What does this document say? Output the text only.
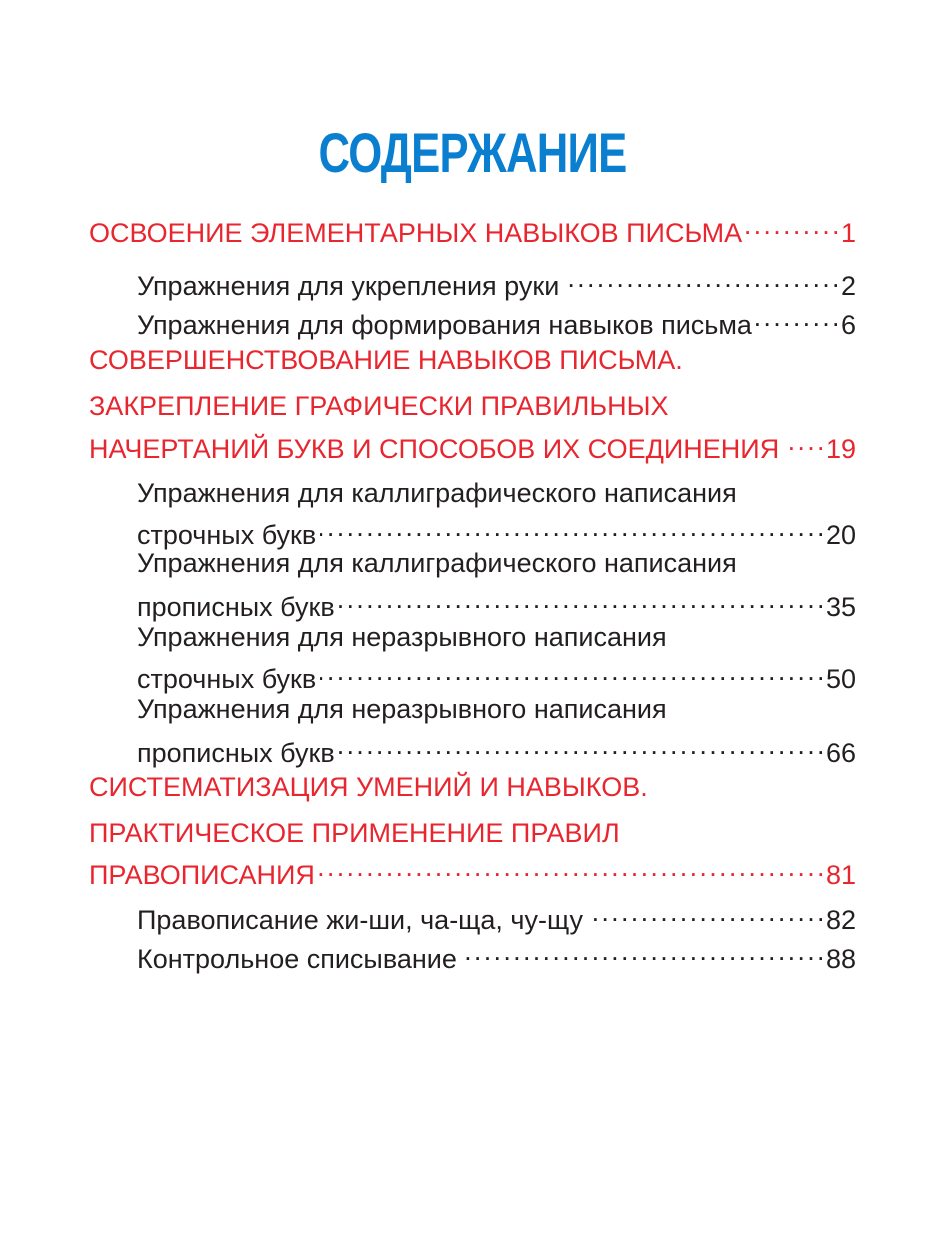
СОДЕРЖАНИЕ
ОСВОЕНИЕ ЭЛЕМЕНТАРНЫХ НАВЫКОВ ПИСЬМА . . .	1
Упражнения для укрепления руки . . .	2
Упражнения для формирования навыков письма . . .	6
СОВЕРШЕНСТВОВАНИЕ НАВЫКОВ ПИСЬМА.
ЗАКРЕПЛЕНИЕ ГРАФИЧЕСКИ ПРАВИЛЬНЫХ
НАЧЕРТАНИЙ БУКВ И СПОСОБОВ ИХ СОЕДИНЕНИЯ . . . 19
Упражнения для каллиграфического написания
строчных букв . . .	20
Упражнения для каллиграфического написания
прописных букв . . .	35
Упражнения для неразрывного написания
строчных букв . . .	50
Упражнения для неразрывного написания
прописных букв . . .	66
СИСТЕМАТИЗАЦИЯ УМЕНИЙ И НАВЫКОВ.
ПРАКТИЧЕСКОЕ ПРИМЕНЕНИЕ ПРАВИЛ
ПРАВОПИСАНИЯ . . .	81
Правописание жи-ши, ча-ща, чу-щу . . .	82
Контрольное списывание . . .	88
